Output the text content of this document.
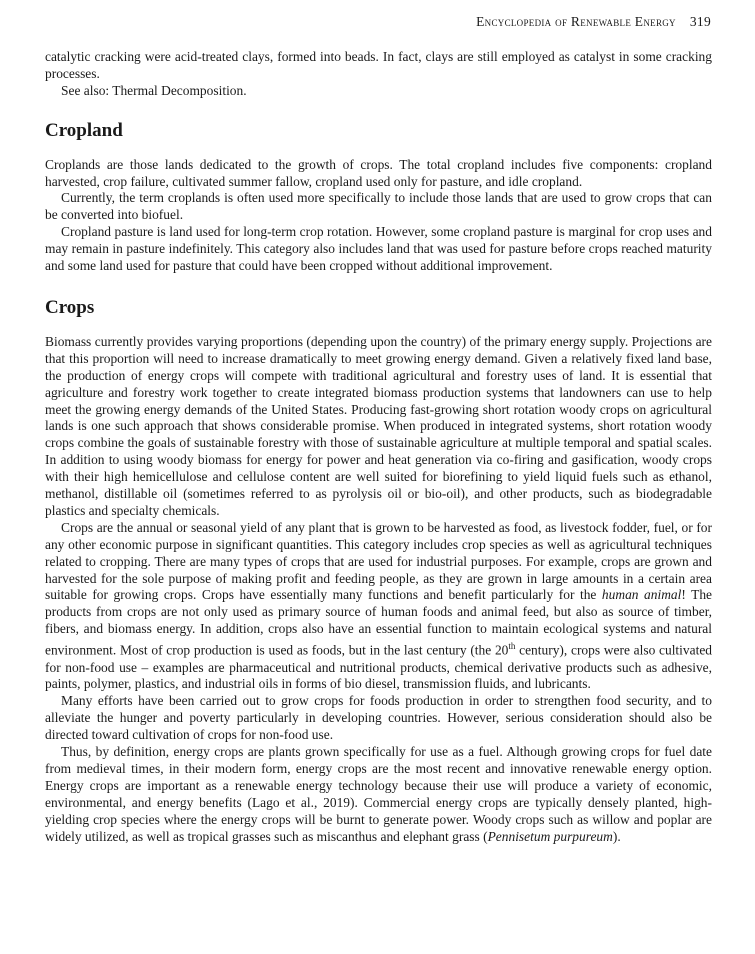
Encyclopedia of Renewable Energy 319

catalytic cracking were acid-treated clays, formed into beads. In fact, clays are still employed as catalyst in some cracking processes.

See also: Thermal Decomposition.

Cropland

Croplands are those lands dedicated to the growth of crops. The total cropland includes five components: cropland harvested, crop failure, cultivated summer fallow, cropland used only for pasture, and idle cropland.

Currently, the term croplands is often used more specifically to include those lands that are used to grow crops that can be converted into biofuel.

Cropland pasture is land used for long-term crop rotation. However, some cropland pasture is marginal for crop uses and may remain in pasture indefinitely. This category also includes land that was used for pasture before crops reached maturity and some land used for pasture that could have been cropped without additional improvement.

Crops

Biomass currently provides varying proportions (depending upon the country) of the primary energy supply. Projections are that this proportion will need to increase dramatically to meet growing energy demand. Given a relatively fixed land base, the production of energy crops will compete with traditional agricultural and forestry uses of land. It is essential that agriculture and forestry work together to create integrated biomass production systems that landowners can use to help meet the growing energy demands of the United States. Producing fast-growing short rotation woody crops on agricultural lands is one such approach that shows considerable promise. When produced in integrated systems, short rotation woody crops combine the goals of sustainable forestry with those of sustainable agriculture at multiple temporal and spatial scales. In addition to using woody biomass for energy for power and heat generation via co-firing and gasification, woody crops with their high hemicellulose and cellulose content are well suited for biorefining to yield liquid fuels such as ethanol, methanol, distillable oil (sometimes referred to as pyrolysis oil or bio-oil), and other products, such as biodegradable plastics and specialty chemicals.

Crops are the annual or seasonal yield of any plant that is grown to be harvested as food, as livestock fodder, fuel, or for any other economic purpose in significant quantities. This category includes crop species as well as agricultural techniques related to cropping. There are many types of crops that are used for industrial purposes. For example, crops are grown and harvested for the sole purpose of making profit and feeding people, as they are grown in large amounts in a certain area suitable for growing crops. Crops have essentially many functions and benefit particularly for the human animal! The products from crops are not only used as primary source of human foods and animal feed, but also as source of timber, fibers, and biomass energy. In addition, crops also have an essential function to maintain ecological systems and natural environment. Most of crop production is used as foods, but in the last century (the 20th century), crops were also cultivated for non-food use – examples are pharmaceutical and nutritional products, chemical derivative products such as adhesive, paints, polymer, plastics, and industrial oils in forms of bio diesel, transmission fluids, and lubricants.

Many efforts have been carried out to grow crops for foods production in order to strengthen food security, and to alleviate the hunger and poverty particularly in developing countries. However, serious consideration should also be directed toward cultivation of crops for non-food use.

Thus, by definition, energy crops are plants grown specifically for use as a fuel. Although growing crops for fuel date from medieval times, in their modern form, energy crops are the most recent and innovative renewable energy option. Energy crops are important as a renewable energy technology because their use will produce a variety of economic, environmental, and energy benefits (Lago et al., 2019). Commercial energy crops are typically densely planted, high-yielding crop species where the energy crops will be burnt to generate power. Woody crops such as willow and poplar are widely utilized, as well as tropical grasses such as miscanthus and elephant grass (Pennisetum purpureum).
